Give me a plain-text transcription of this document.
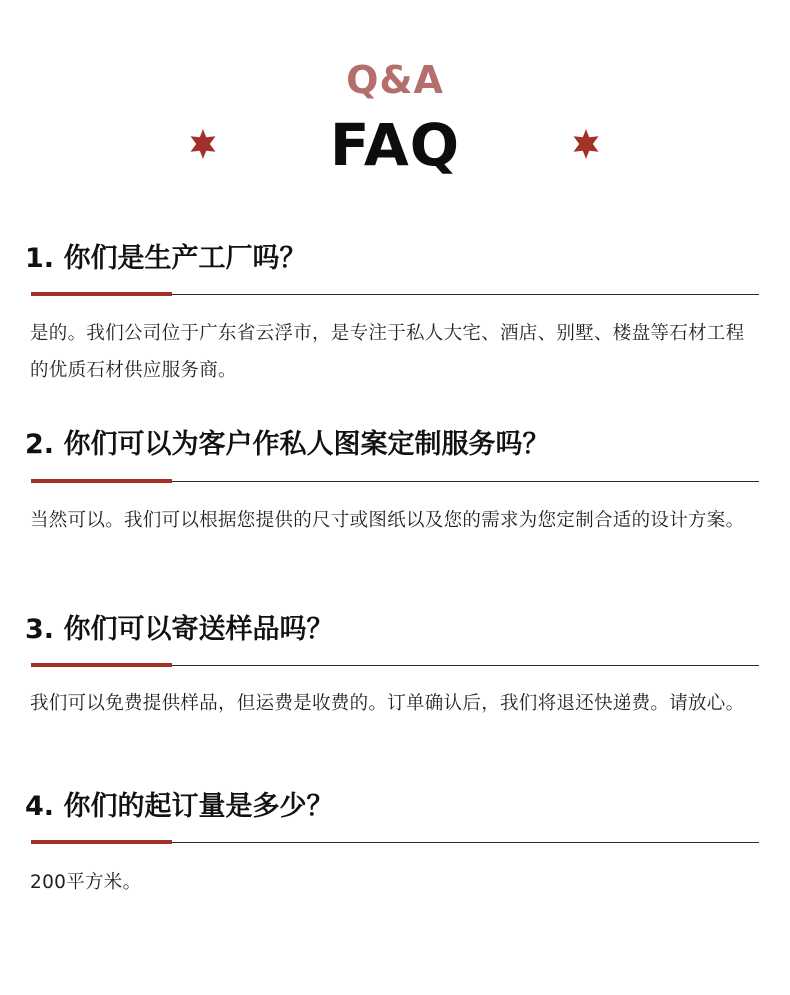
Q&A
FAQ
1. 你们是生产工厂吗？
是的。我们公司位于广东省云浮市，是专注于私人大宅、酒店、别墅、楼盘等石材工程的优质石材供应服务商。
2. 你们可以为客户作私人图案定制服务吗？
当然可以。我们可以根据您提供的尺寸或图纸以及您的需求为您定制合适的设计方案。
3. 你们可以寄送样品吗？
我们可以免费提供样品，但运费是收费的。订单确认后，我们将退还快递费。请放心。
4. 你们的起订量是多少？
200平方米。
